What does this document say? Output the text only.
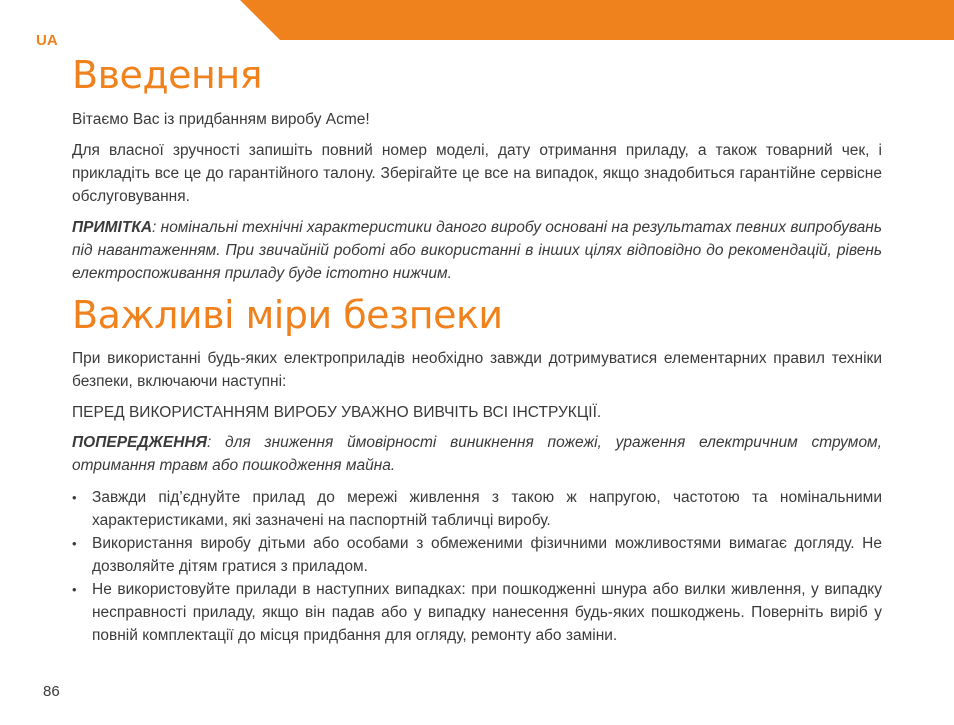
UA
Введення

Вітаємо Вас із придбанням виробу Acme!

Для власної зручності запишіть повний номер моделі, дату отримання приладу, а також товарний чек, і прикладіть все це до гарантійного талону. Зберігайте це все на випадок, якщо знадобиться гарантійне сервісне обслуговування.

ПРИМІТКА: номінальні технічні характеристики даного виробу основані на результатах певних випробувань під навантаженням. При звичайній роботі або використанні в інших цілях відповідно до рекомендацій, рівень електроспоживання приладу буде істотно нижчим.

Важливі міри безпеки

При використанні будь-яких електроприладів необхідно завжди дотримуватися елементарних правил техніки безпеки, включаючи наступні:

ПЕРЕД ВИКОРИСТАННЯМ ВИРОБУ УВАЖНО ВИВЧІТЬ ВСІ ІНСТРУКЦІЇ.

ПОПЕРЕДЖЕННЯ: для зниження ймовірності виникнення пожежі, ураження електричним струмом, отримання травм або пошкодження майна.

• Завжди під’єднуйте прилад до мережі живлення з такою ж напругою, частотою та номінальними характеристиками, які зазначені на паспортній табличці виробу.
• Використання виробу дітьми або особами з обмеженими фізичними можливостями вимагає догляду. Не дозволяйте дітям гратися з приладом.
• Не використовуйте прилади в наступних випадках: при пошкодженні шнура або вилки живлення, у випадку несправності приладу, якщо він падав або у випадку нанесення будь-яких пошкоджень. Поверніть виріб у повній комплектації до місця придбання для огляду, ремонту або заміни.
86
